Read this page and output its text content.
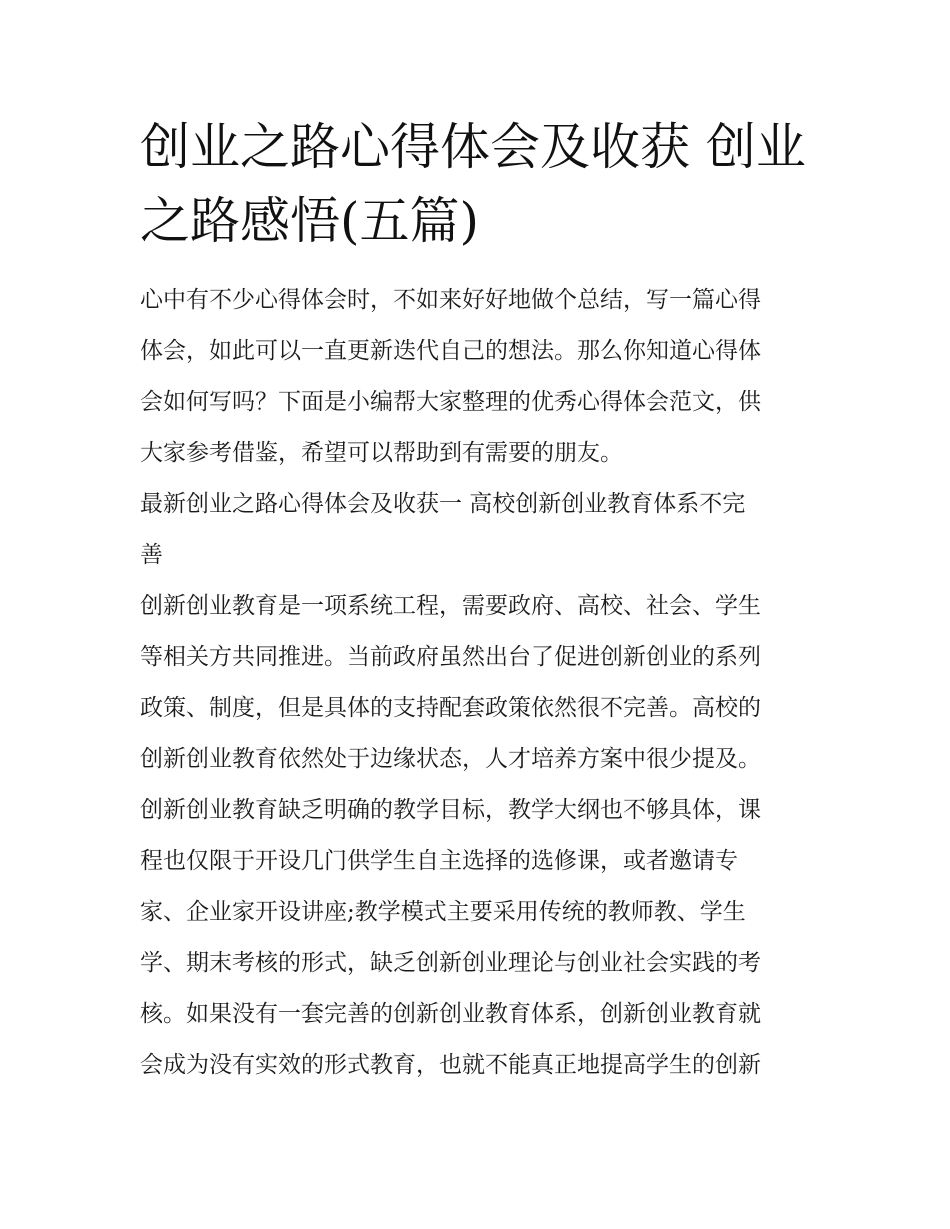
创业之路心得体会及收获 创业
之路感悟(五篇)
心中有不少心得体会时，不如来好好地做个总结，写一篇心得
体会，如此可以一直更新迭代自己的想法。那么你知道心得体
会如何写吗？下面是小编帮大家整理的优秀心得体会范文，供
大家参考借鉴，希望可以帮助到有需要的朋友。
最新创业之路心得体会及收获一 高校创新创业教育体系不完
善
创新创业教育是一项系统工程，需要政府、高校、社会、学生
等相关方共同推进。当前政府虽然出台了促进创新创业的系列
政策、制度，但是具体的支持配套政策依然很不完善。高校的
创新创业教育依然处于边缘状态，人才培养方案中很少提及。
创新创业教育缺乏明确的教学目标，教学大纲也不够具体，课
程也仅限于开设几门供学生自主选择的选修课，或者邀请专
家、企业家开设讲座;教学模式主要采用传统的教师教、学生
学、期末考核的形式，缺乏创新创业理论与创业社会实践的考
核。如果没有一套完善的创新创业教育体系，创新创业教育就
会成为没有实效的形式教育，也就不能真正地提高学生的创新
